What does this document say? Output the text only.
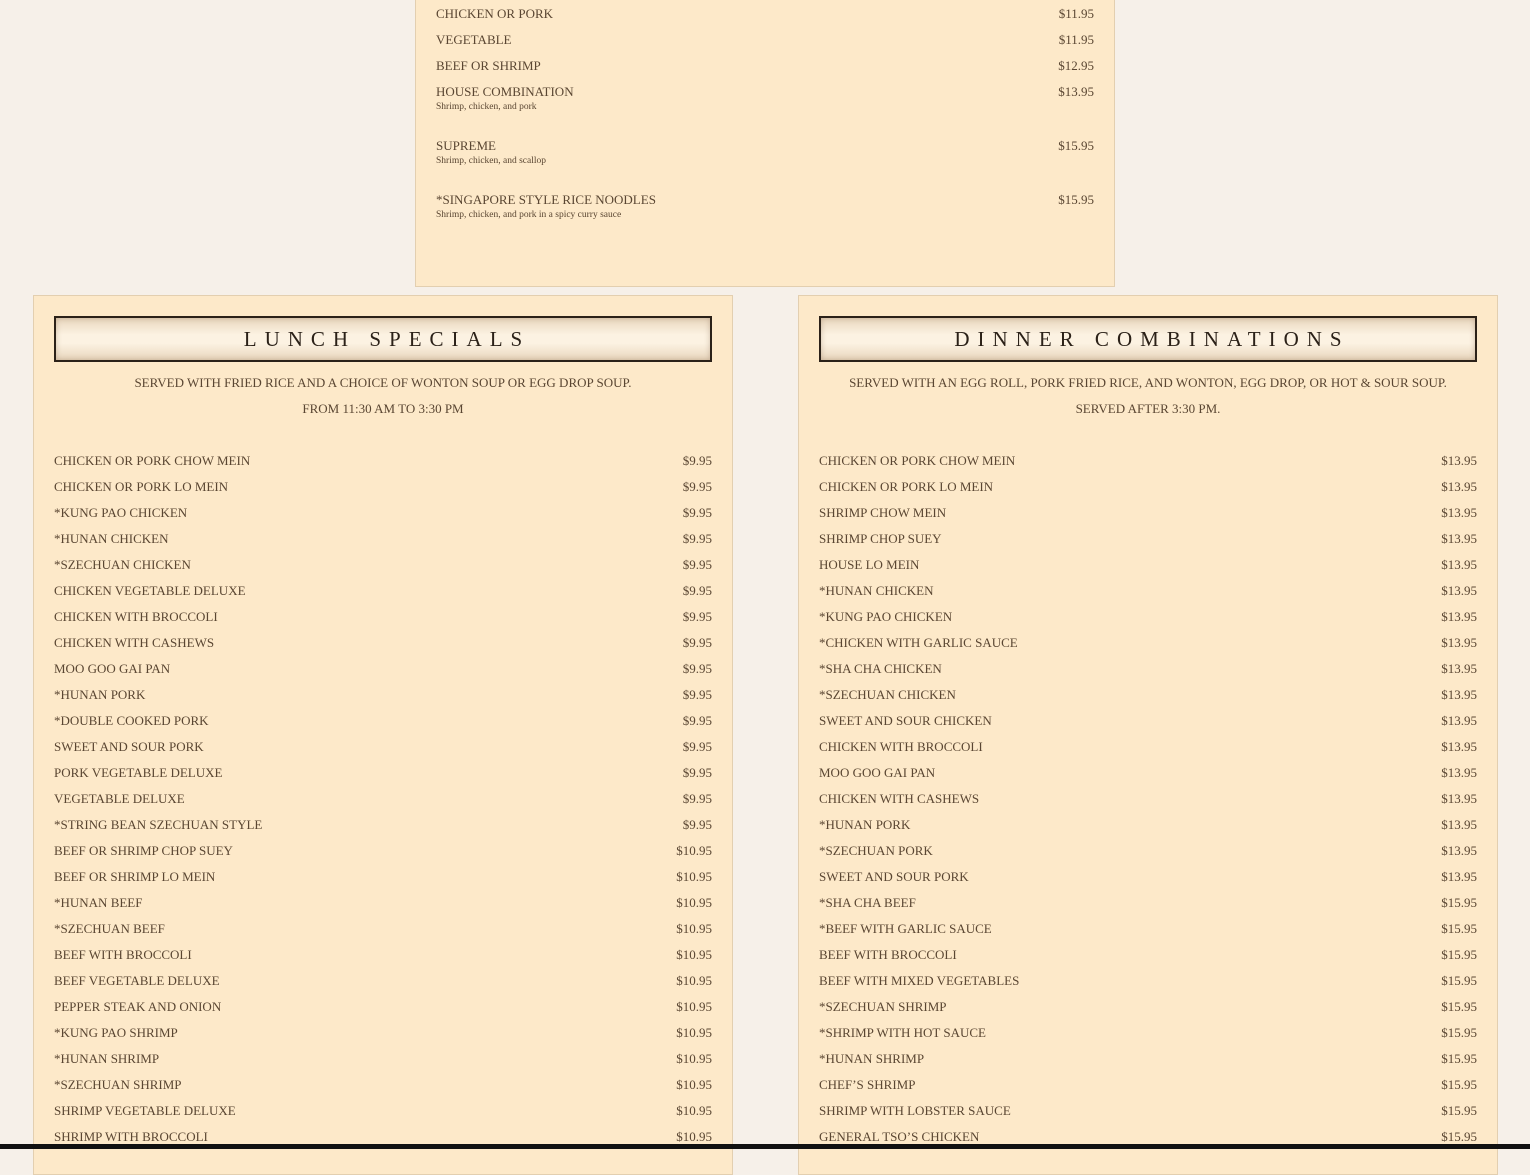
CHICKEN OR PORK	$11.95
VEGETABLE	$11.95
BEEF OR SHRIMP	$12.95
HOUSE COMBINATION	$13.95
Shrimp, chicken, and pork
SUPREME	$15.95
Shrimp, chicken, and scallop
*SINGAPORE STYLE RICE NOODLES	$15.95
Shrimp, chicken, and pork in a spicy curry sauce
LUNCH SPECIALS
SERVED WITH FRIED RICE AND A CHOICE OF WONTON SOUP OR EGG DROP SOUP.
FROM 11:30 AM TO 3:30 PM
CHICKEN OR PORK CHOW MEIN	$9.95
CHICKEN OR PORK LO MEIN	$9.95
*KUNG PAO CHICKEN	$9.95
*HUNAN CHICKEN	$9.95
*SZECHUAN CHICKEN	$9.95
CHICKEN VEGETABLE DELUXE	$9.95
CHICKEN WITH BROCCOLI	$9.95
CHICKEN WITH CASHEWS	$9.95
MOO GOO GAI PAN	$9.95
*HUNAN PORK	$9.95
*DOUBLE COOKED PORK	$9.95
SWEET AND SOUR PORK	$9.95
PORK VEGETABLE DELUXE	$9.95
VEGETABLE DELUXE	$9.95
*STRING BEAN SZECHUAN STYLE	$9.95
BEEF OR SHRIMP CHOP SUEY	$10.95
BEEF OR SHRIMP LO MEIN	$10.95
*HUNAN BEEF	$10.95
*SZECHUAN BEEF	$10.95
BEEF WITH BROCCOLI	$10.95
BEEF VEGETABLE DELUXE	$10.95
PEPPER STEAK AND ONION	$10.95
*KUNG PAO SHRIMP	$10.95
*HUNAN SHRIMP	$10.95
*SZECHUAN SHRIMP	$10.95
SHRIMP VEGETABLE DELUXE	$10.95
SHRIMP WITH BROCCOLI	$10.95
DINNER COMBINATIONS
SERVED WITH AN EGG ROLL, PORK FRIED RICE, AND WONTON, EGG DROP, OR HOT & SOUR SOUP.
SERVED AFTER 3:30 PM.
CHICKEN OR PORK CHOW MEIN	$13.95
CHICKEN OR PORK LO MEIN	$13.95
SHRIMP CHOW MEIN	$13.95
SHRIMP CHOP SUEY	$13.95
HOUSE LO MEIN	$13.95
*HUNAN CHICKEN	$13.95
*KUNG PAO CHICKEN	$13.95
*CHICKEN WITH GARLIC SAUCE	$13.95
*SHA CHA CHICKEN	$13.95
*SZECHUAN CHICKEN	$13.95
SWEET AND SOUR CHICKEN	$13.95
CHICKEN WITH BROCCOLI	$13.95
MOO GOO GAI PAN	$13.95
CHICKEN WITH CASHEWS	$13.95
*HUNAN PORK	$13.95
*SZECHUAN PORK	$13.95
SWEET AND SOUR PORK	$13.95
*SHA CHA BEEF	$15.95
*BEEF WITH GARLIC SAUCE	$15.95
BEEF WITH BROCCOLI	$15.95
BEEF WITH MIXED VEGETABLES	$15.95
*SZECHUAN SHRIMP	$15.95
*SHRIMP WITH HOT SAUCE	$15.95
*HUNAN SHRIMP	$15.95
CHEF’S SHRIMP	$15.95
SHRIMP WITH LOBSTER SAUCE	$15.95
GENERAL TSO’S CHICKEN	$15.95
